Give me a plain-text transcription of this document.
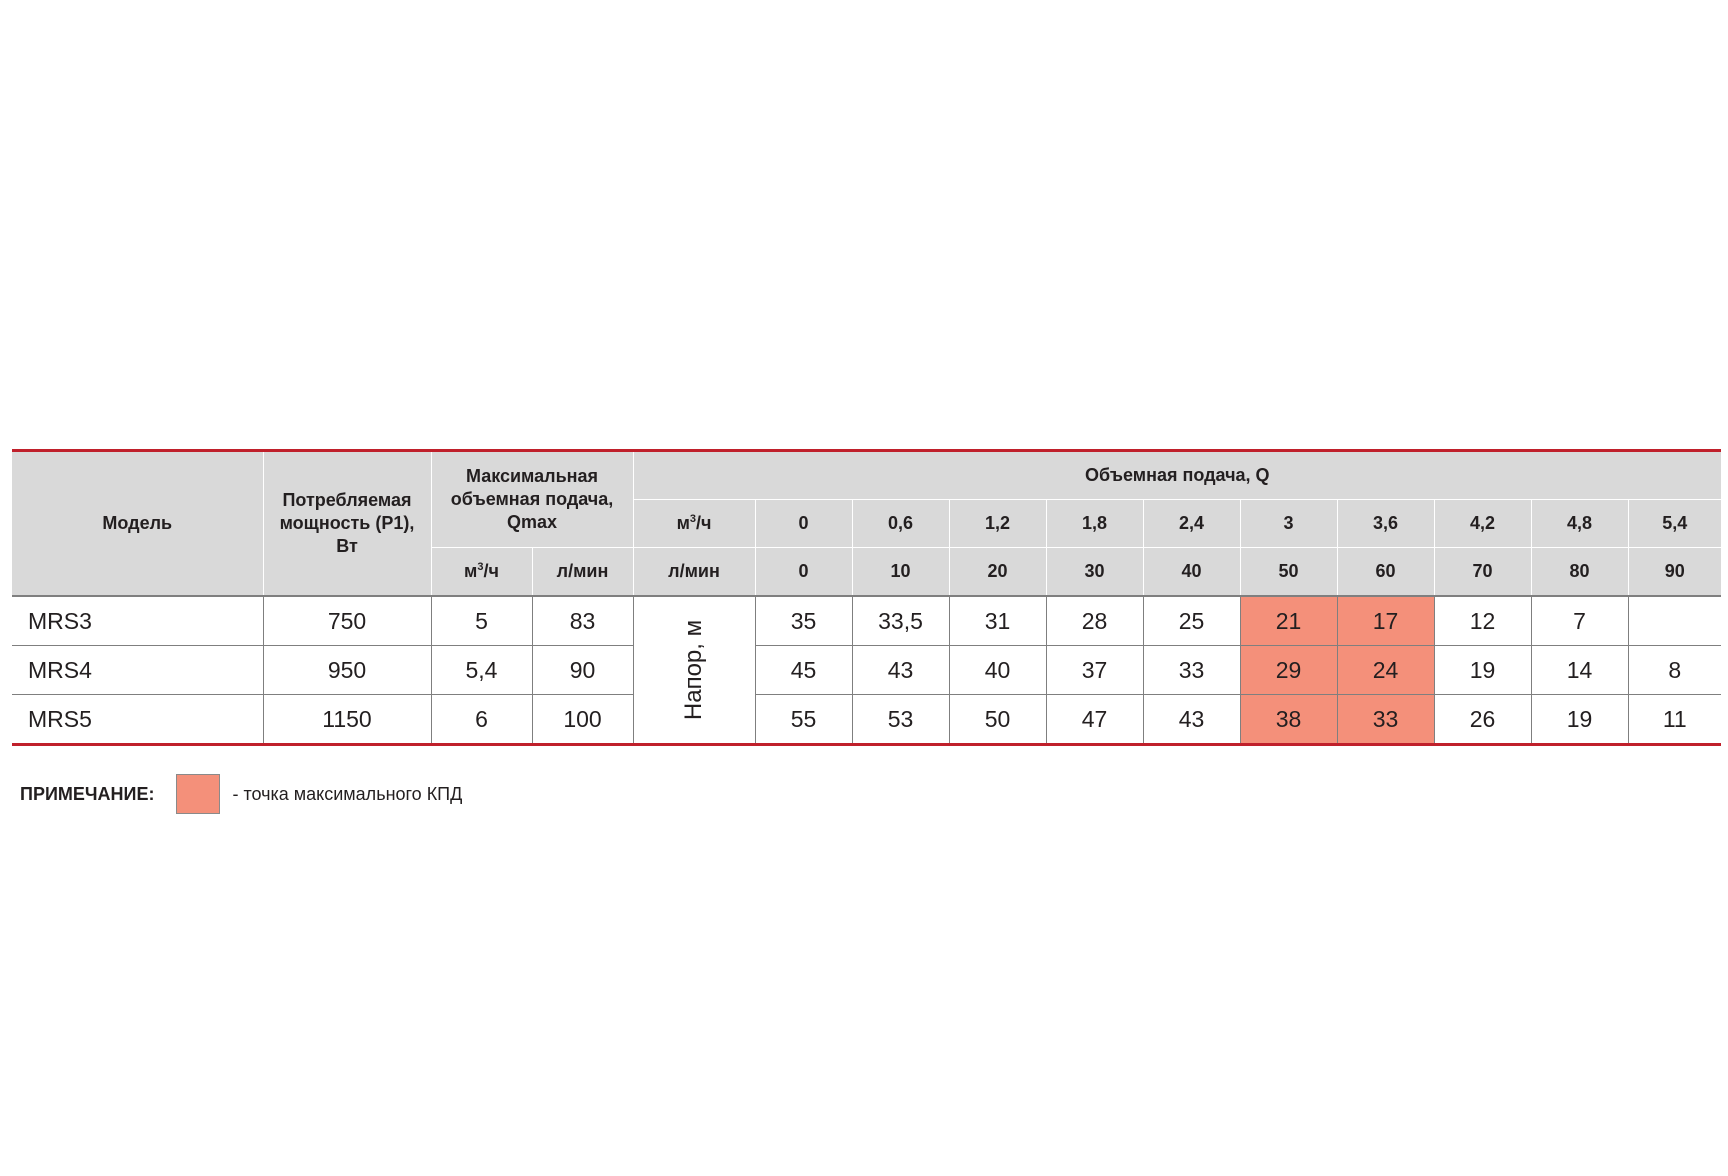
Модель	Потребляемая мощность (Р1), Вт	Максимальная объемная подача, Qmax		Объемная подача, Q										
				$м^3/ч$	0	0,6	1,2	1,8	2,4	3	3,6	4,2	4,8	5,4
		$м^3/ч$	л/мин	л/мин	0	10	20	30	40	50	60	70	80	90
MRS3	750	5	83	Напор, м	35	33,5	31	28	25	21	17	12	7	
MRS4	950	5,4	90		45	43	40	37	33	29	24	19	14	8
MRS5	1150	6	100		55	53	50	47	43	38	33	26	19	11
ПРИМЕЧАНИЕ:	- точка максимального КПД
